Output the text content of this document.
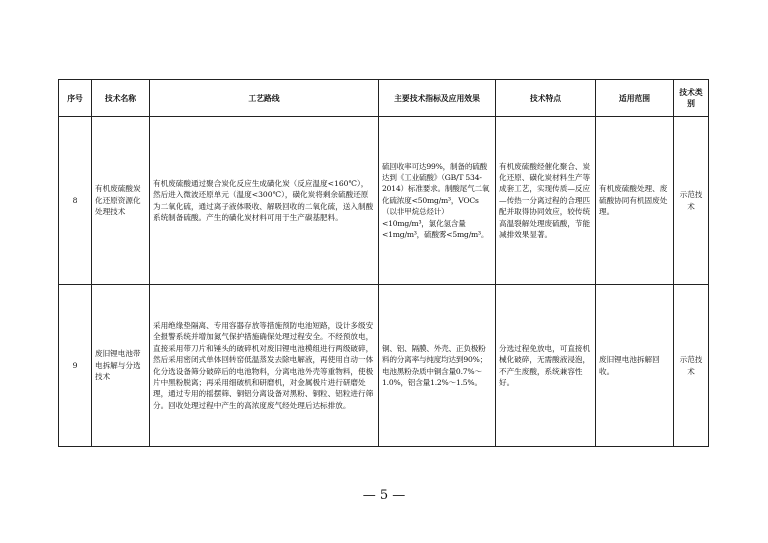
序号	技术名称	工艺路线	主要技术指标及应用效果	技术特点	适用范围	技术类别
8	有机废硫酸炭化还原资源化处理技术	有机废硫酸通过聚合炭化反应生成磺化炭（反应温度<160℃），然后进入微波还原单元（温度<300℃），磺化炭将剩余硫酸还原为二氧化硫，通过离子液体吸收、解吸回收的二氧化硫，送入制酸系统制备硫酸。产生的磺化炭材料可用于生产碳基肥料。	硫回收率可达99%，制备的硫酸达到《工业硫酸》（GB/T 534-2014）标准要求。制酸尾气二氧化硫浓度<50mg/m³，VOCs（以非甲烷总烃计）<10mg/m³，氯化氢含量<1mg/m³，硫酸雾<5mg/m³。	有机废硫酸经催化聚合、炭化还原、磺化炭材料生产等成套工艺，实现传质—反应—传热一分离过程的合理匹配并取得协同效应，较传统高温裂解处理废硫酸，节能减排效果显著。	有机废硫酸处理、废硫酸协同有机固废处理。	示范技术
9	废旧锂电池带电拆解与分选技术	采用绝缘垫隔离、专用容器存放等措施预防电池短路，设计多级安全报警系统并增加氮气保护措施确保处理过程安全。不经预放电，直接采用带刀片和锤头的破碎机对废旧锂电池模组进行两级破碎，然后采用密闭式单体回转窑低温蒸发去除电解液，再使用自动一体化分选设备筛分破碎后的电池物料，分离电池外壳等重物料，使极片中黑粉脱离；再采用细破机和研磨机，对金属极片进行研磨处理，通过专用的摇摆筛、铜铝分离设备对黑粉、铜粒、铝粒进行筛分。回收处理过程中产生的高浓度废气经处理后达标排放。	铜、铝、隔膜、外壳、正负极粉料的分离率与纯度均达到90%；电池黑粉杂质中铜含量0.7%～1.0%，铝含量1.2%～1.5%。	分选过程免放电，可直接机械化破碎，无需酸液浸泡，不产生废酸，系统兼容性好。	废旧锂电池拆解回收。	示范技术
— 5 —
